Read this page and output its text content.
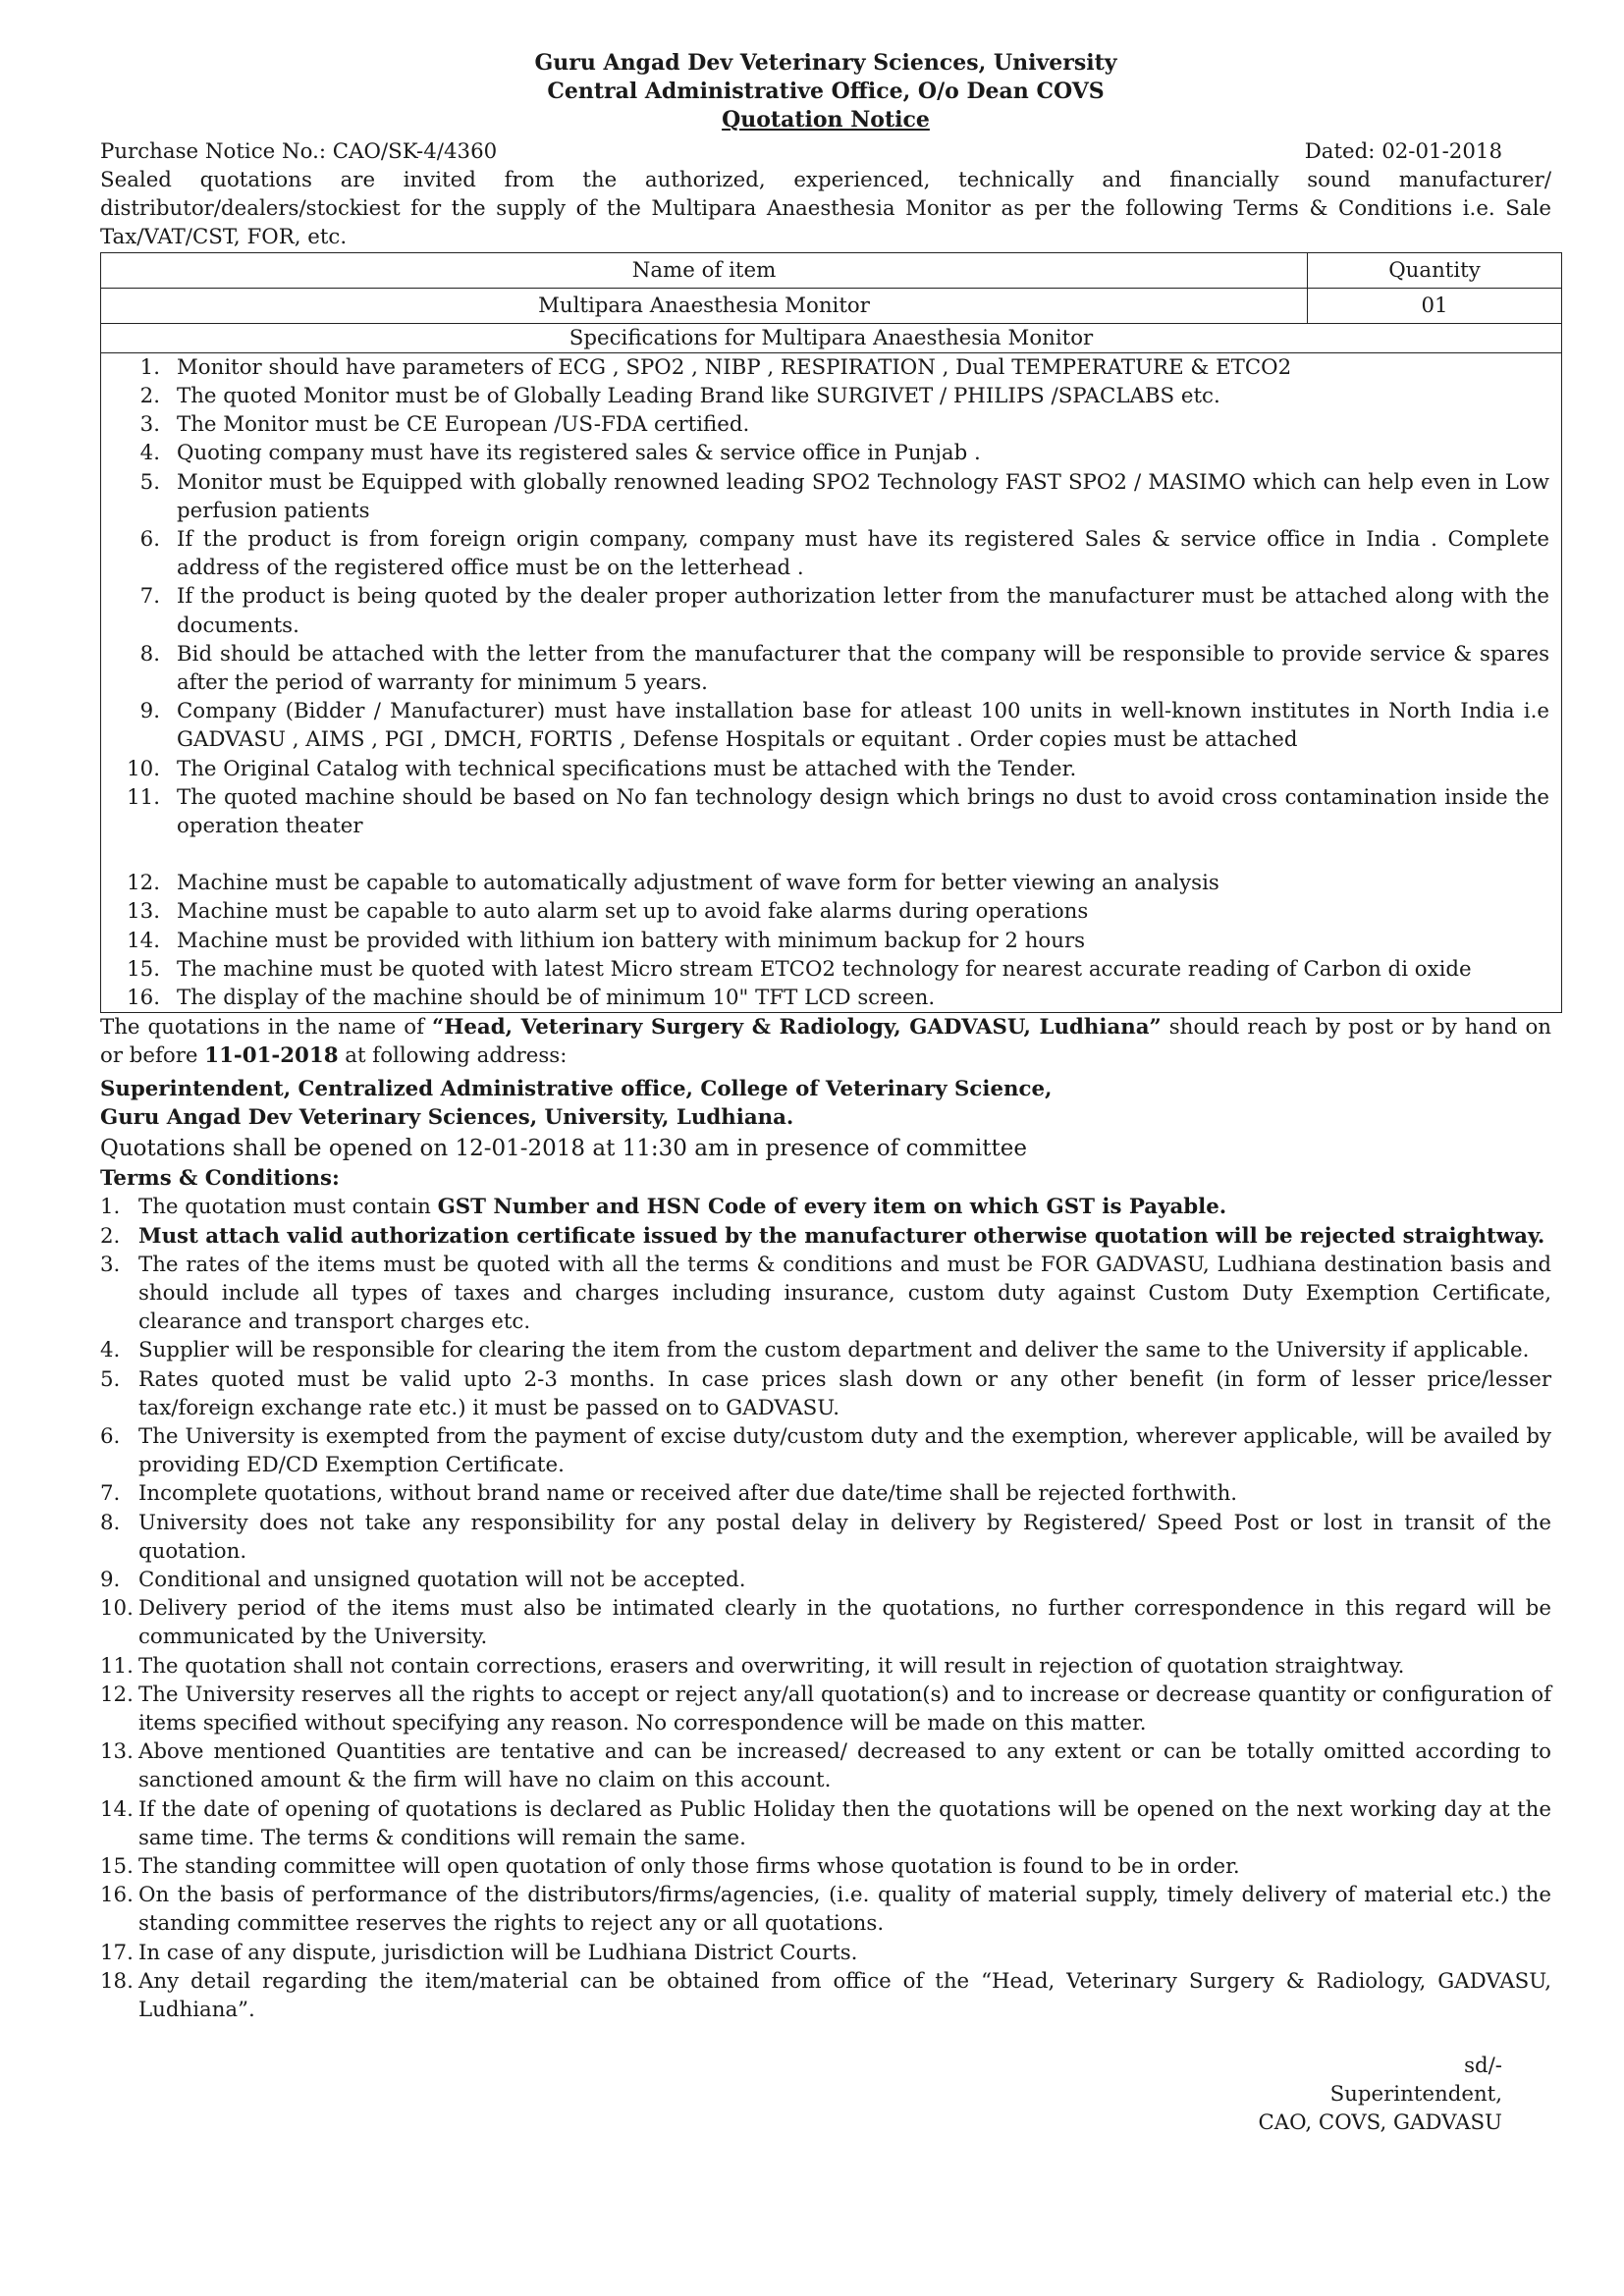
Guru Angad Dev Veterinary Sciences, University
Central Administrative Office, O/o Dean COVS
Quotation Notice
Purchase Notice No.: CAO/SK-4/4360	Dated: 02-01-2018
Sealed quotations are invited from the authorized, experienced, technically and financially sound manufacturer/ distributor/dealers/stockiest for the supply of the Multipara Anaesthesia Monitor as per the following Terms & Conditions i.e. Sale Tax/VAT/CST, FOR, etc.
Name of item	Quantity
Multipara Anaesthesia Monitor	01
Specifications for Multipara Anaesthesia Monitor	
1. Monitor should have parameters of ECG , SPO2 , NIBP , RESPIRATION , Dual TEMPERATURE & ETCO2
2. The quoted Monitor must be of Globally Leading Brand like SURGIVET / PHILIPS /SPACLABS etc.
3. The Monitor must be CE European /US-FDA certified.
4. Quoting company must have its registered sales & service office in Punjab .
5. Monitor must be Equipped with globally renowned leading SPO2 Technology FAST SPO2 / MASIMO which can help even in Low perfusion patients
6. If the product is from foreign origin company, company must have its registered Sales & service office in India . Complete address of the registered office must be on the letterhead .
7. If the product is being quoted by the dealer proper authorization letter from the manufacturer must be attached along with the documents.
8. Bid should be attached with the letter from the manufacturer that the company will be responsible to provide service & spares after the period of warranty for minimum 5 years.
9. Company (Bidder / Manufacturer) must have installation base for atleast 100 units in well-known institutes in North India i.e GADVASU , AIMS , PGI , DMCH, FORTIS , Defense Hospitals or equitant . Order copies must be attached
10. The Original Catalog with technical specifications must be attached with the Tender.
11. The quoted machine should be based on No fan technology design which brings no dust to avoid cross contamination inside the operation theater
12. Machine must be capable to automatically adjustment of wave form for better viewing an analysis
13. Machine must be capable to auto alarm set up to avoid fake alarms during operations
14. Machine must be provided with lithium ion battery with minimum backup for 2 hours
15. The machine must be quoted with latest Micro stream ETCO2 technology for nearest accurate reading of Carbon di oxide
16. The display of the machine should be of minimum 10" TFT LCD screen.
The quotations in the name of “Head, Veterinary Surgery & Radiology, GADVASU, Ludhiana” should reach by post or by hand on or before 11-01-2018 at following address:
Superintendent, Centralized Administrative office, College of Veterinary Science,
Guru Angad Dev Veterinary Sciences, University, Ludhiana.
Quotations shall be opened on 12-01-2018 at 11:30 am in presence of committee
Terms & Conditions:
1. The quotation must contain GST Number and HSN Code of every item on which GST is Payable.
2. Must attach valid authorization certificate issued by the manufacturer otherwise quotation will be rejected straightway.
3. The rates of the items must be quoted with all the terms & conditions and must be FOR GADVASU, Ludhiana destination basis and should include all types of taxes and charges including insurance, custom duty against Custom Duty Exemption Certificate, clearance and transport charges etc.
4. Supplier will be responsible for clearing the item from the custom department and deliver the same to the University if applicable.
5. Rates quoted must be valid upto 2-3 months. In case prices slash down or any other benefit (in form of lesser price/lesser tax/foreign exchange rate etc.) it must be passed on to GADVASU.
6. The University is exempted from the payment of excise duty/custom duty and the exemption, wherever applicable, will be availed by providing ED/CD Exemption Certificate.
7. Incomplete quotations, without brand name or received after due date/time shall be rejected forthwith.
8. University does not take any responsibility for any postal delay in delivery by Registered/ Speed Post or lost in transit of the quotation.
9. Conditional and unsigned quotation will not be accepted.
10. Delivery period of the items must also be intimated clearly in the quotations, no further correspondence in this regard will be communicated by the University.
11. The quotation shall not contain corrections, erasers and overwriting, it will result in rejection of quotation straightway.
12. The University reserves all the rights to accept or reject any/all quotation(s) and to increase or decrease quantity or configuration of items specified without specifying any reason. No correspondence will be made on this matter.
13. Above mentioned Quantities are tentative and can be increased/ decreased to any extent or can be totally omitted according to sanctioned amount & the firm will have no claim on this account.
14. If the date of opening of quotations is declared as Public Holiday then the quotations will be opened on the next working day at the same time. The terms & conditions will remain the same.
15. The standing committee will open quotation of only those firms whose quotation is found to be in order.
16. On the basis of performance of the distributors/firms/agencies, (i.e. quality of material supply, timely delivery of material etc.) the standing committee reserves the rights to reject any or all quotations.
17. In case of any dispute, jurisdiction will be Ludhiana District Courts.
18. Any detail regarding the item/material can be obtained from office of the “Head, Veterinary Surgery & Radiology, GADVASU, Ludhiana”.
sd/-
Superintendent,
CAO, COVS, GADVASU
